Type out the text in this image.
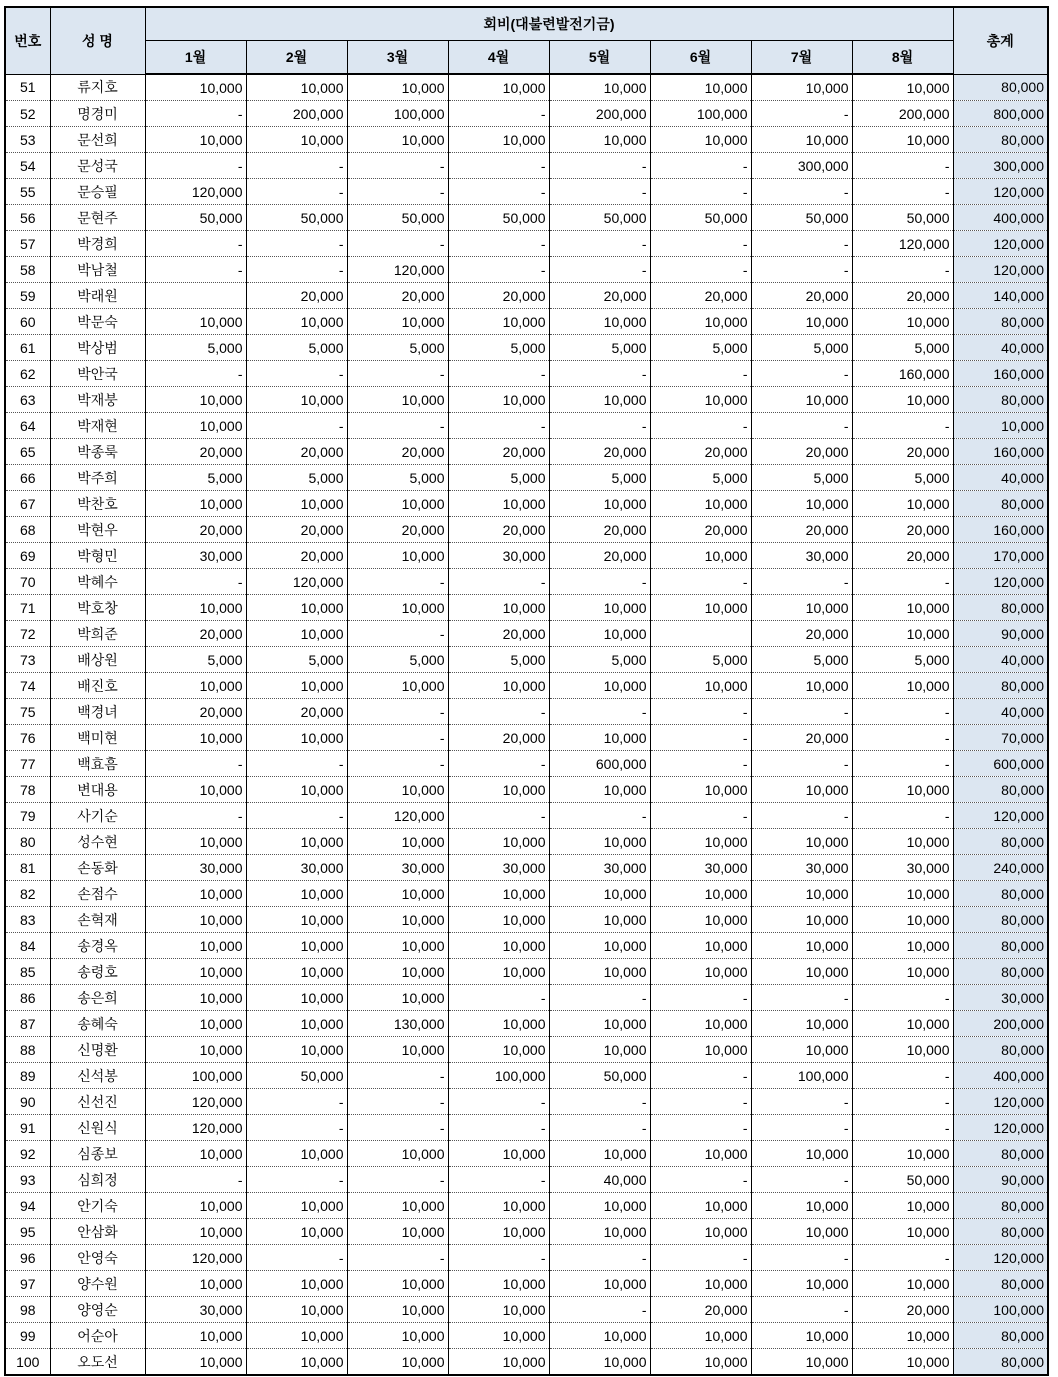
번호	성 명	회비(대불련발전기금)								총계
		1월	2월	3월	4월	5월	6월	7월	8월	
51	류지호	10,000	10,000	10,000	10,000	10,000	10,000	10,000	10,000	80,000
52	명경미	-	200,000	100,000	-	200,000	100,000	-	200,000	800,000
53	문선희	10,000	10,000	10,000	10,000	10,000	10,000	10,000	10,000	80,000
54	문성국	-	-	-	-	-	-	300,000	-	300,000
55	문승필	120,000	-	-	-	-	-	-	-	120,000
56	문현주	50,000	50,000	50,000	50,000	50,000	50,000	50,000	50,000	400,000
57	박경희	-	-	-	-	-	-	-	120,000	120,000
58	박남철	-	-	120,000	-	-	-	-	-	120,000
59	박래원		20,000	20,000	20,000	20,000	20,000	20,000	20,000	140,000
60	박문숙	10,000	10,000	10,000	10,000	10,000	10,000	10,000	10,000	80,000
61	박상범	5,000	5,000	5,000	5,000	5,000	5,000	5,000	5,000	40,000
62	박안국	-	-	-	-	-	-	-	160,000	160,000
63	박재붕	10,000	10,000	10,000	10,000	10,000	10,000	10,000	10,000	80,000
64	박재현	10,000	-	-	-	-	-	-	-	10,000
65	박종룩	20,000	20,000	20,000	20,000	20,000	20,000	20,000	20,000	160,000
66	박주희	5,000	5,000	5,000	5,000	5,000	5,000	5,000	5,000	40,000
67	박찬호	10,000	10,000	10,000	10,000	10,000	10,000	10,000	10,000	80,000
68	박현우	20,000	20,000	20,000	20,000	20,000	20,000	20,000	20,000	160,000
69	박형민	30,000	20,000	10,000	30,000	20,000	10,000	30,000	20,000	170,000
70	박혜수	-	120,000	-	-	-	-	-	-	120,000
71	박호창	10,000	10,000	10,000	10,000	10,000	10,000	10,000	10,000	80,000
72	박희준	20,000	10,000	-	20,000	10,000		20,000	10,000	90,000
73	배상원	5,000	5,000	5,000	5,000	5,000	5,000	5,000	5,000	40,000
74	배진호	10,000	10,000	10,000	10,000	10,000	10,000	10,000	10,000	80,000
75	백경녀	20,000	20,000	-	-	-	-	-	-	40,000
76	백미현	10,000	10,000	-	20,000	10,000	-	20,000	-	70,000
77	백효흠	-	-	-	-	600,000	-	-	-	600,000
78	변대용	10,000	10,000	10,000	10,000	10,000	10,000	10,000	10,000	80,000
79	사기순	-	-	120,000	-	-	-	-	-	120,000
80	성수현	10,000	10,000	10,000	10,000	10,000	10,000	10,000	10,000	80,000
81	손동화	30,000	30,000	30,000	30,000	30,000	30,000	30,000	30,000	240,000
82	손점수	10,000	10,000	10,000	10,000	10,000	10,000	10,000	10,000	80,000
83	손혁재	10,000	10,000	10,000	10,000	10,000	10,000	10,000	10,000	80,000
84	송경옥	10,000	10,000	10,000	10,000	10,000	10,000	10,000	10,000	80,000
85	송령호	10,000	10,000	10,000	10,000	10,000	10,000	10,000	10,000	80,000
86	송은희	10,000	10,000	10,000	-	-	-	-	-	30,000
87	송혜숙	10,000	10,000	130,000	10,000	10,000	10,000	10,000	10,000	200,000
88	신명환	10,000	10,000	10,000	10,000	10,000	10,000	10,000	10,000	80,000
89	신석봉	100,000	50,000	-	100,000	50,000	-	100,000	-	400,000
90	신선진	120,000	-	-	-	-	-	-	-	120,000
91	신원식	120,000	-	-	-	-	-	-	-	120,000
92	심종보	10,000	10,000	10,000	10,000	10,000	10,000	10,000	10,000	80,000
93	심희정	-	-	-	-	40,000	-	-	50,000	90,000
94	안기숙	10,000	10,000	10,000	10,000	10,000	10,000	10,000	10,000	80,000
95	안삼화	10,000	10,000	10,000	10,000	10,000	10,000	10,000	10,000	80,000
96	안영숙	120,000	-	-	-	-	-	-	-	120,000
97	양수원	10,000	10,000	10,000	10,000	10,000	10,000	10,000	10,000	80,000
98	양영순	30,000	10,000	10,000	10,000	-	20,000	-	20,000	100,000
99	어순아	10,000	10,000	10,000	10,000	10,000	10,000	10,000	10,000	80,000
100	오도선	10,000	10,000	10,000	10,000	10,000	10,000	10,000	10,000	80,000
